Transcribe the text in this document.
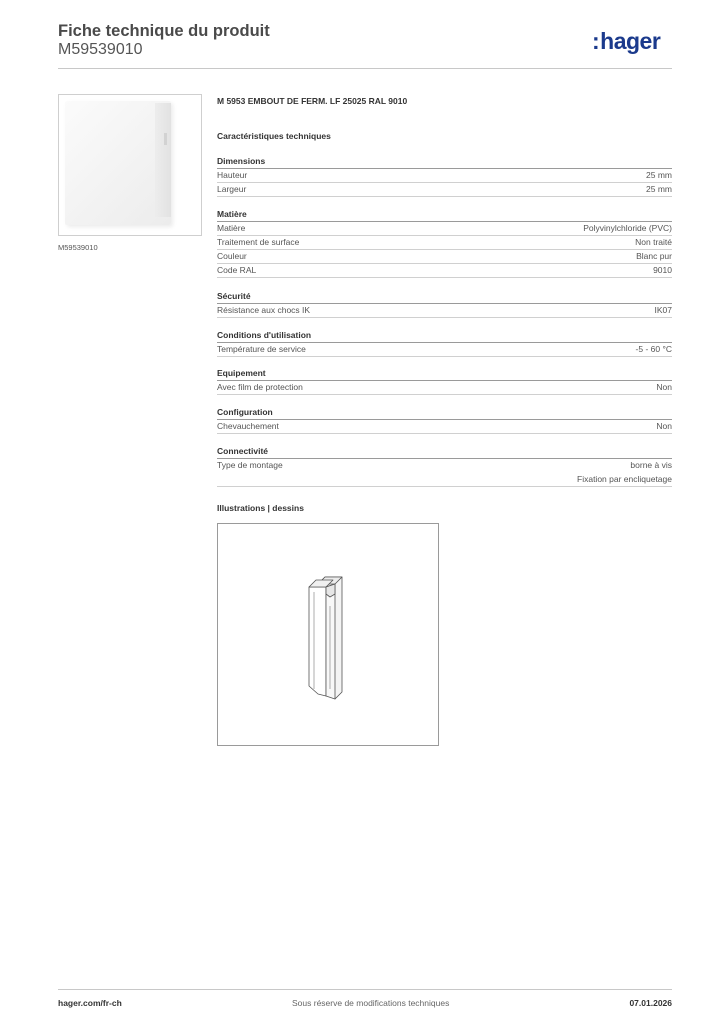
Fiche technique du produit
M59539010	:hager
M59539010
M 5953 EMBOUT DE FERM. LF 25025 RAL 9010
Caractéristiques techniques
Dimensions
Hauteur	25 mm
Largeur	25 mm
Matière
Matière	Polyvinylchloride (PVC)
Traitement de surface	Non traité
Couleur	Blanc pur
Code RAL	9010
Sécurité
Résistance aux chocs IK	IK07
Conditions d'utilisation
Température de service	-5 - 60 °C
Equipement
Avec film de protection	Non
Configuration
Chevauchement	Non
Connectivité
Type de montage	borne à vis
Fixation par encliquetage
Illustrations | dessins
hager.com/fr-ch	Sous réserve de modifications techniques	07.01.2026
